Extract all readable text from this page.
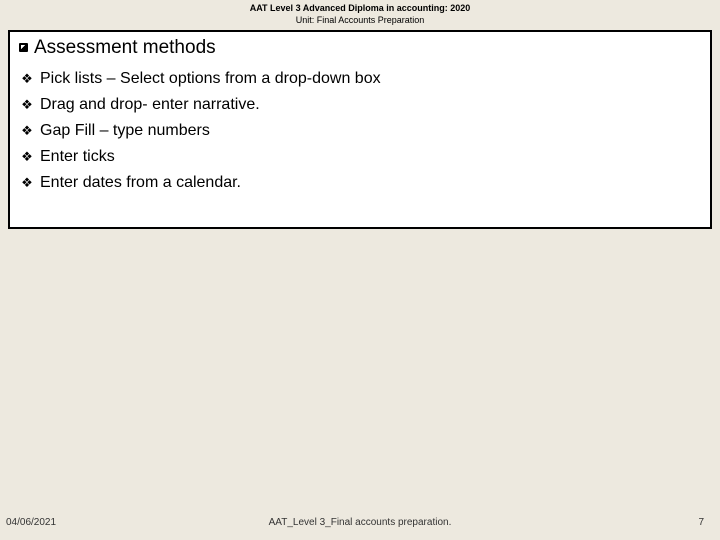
AAT Level 3 Advanced Diploma in accounting: 2020
Unit: Final Accounts Preparation
Assessment methods
❖ Pick lists – Select options from a drop-down box
❖ Drag and drop- enter narrative.
❖ Gap Fill – type numbers
❖ Enter ticks
❖ Enter dates from a calendar.
04/06/2021	AAT_Level 3_Final accounts preparation.	7
